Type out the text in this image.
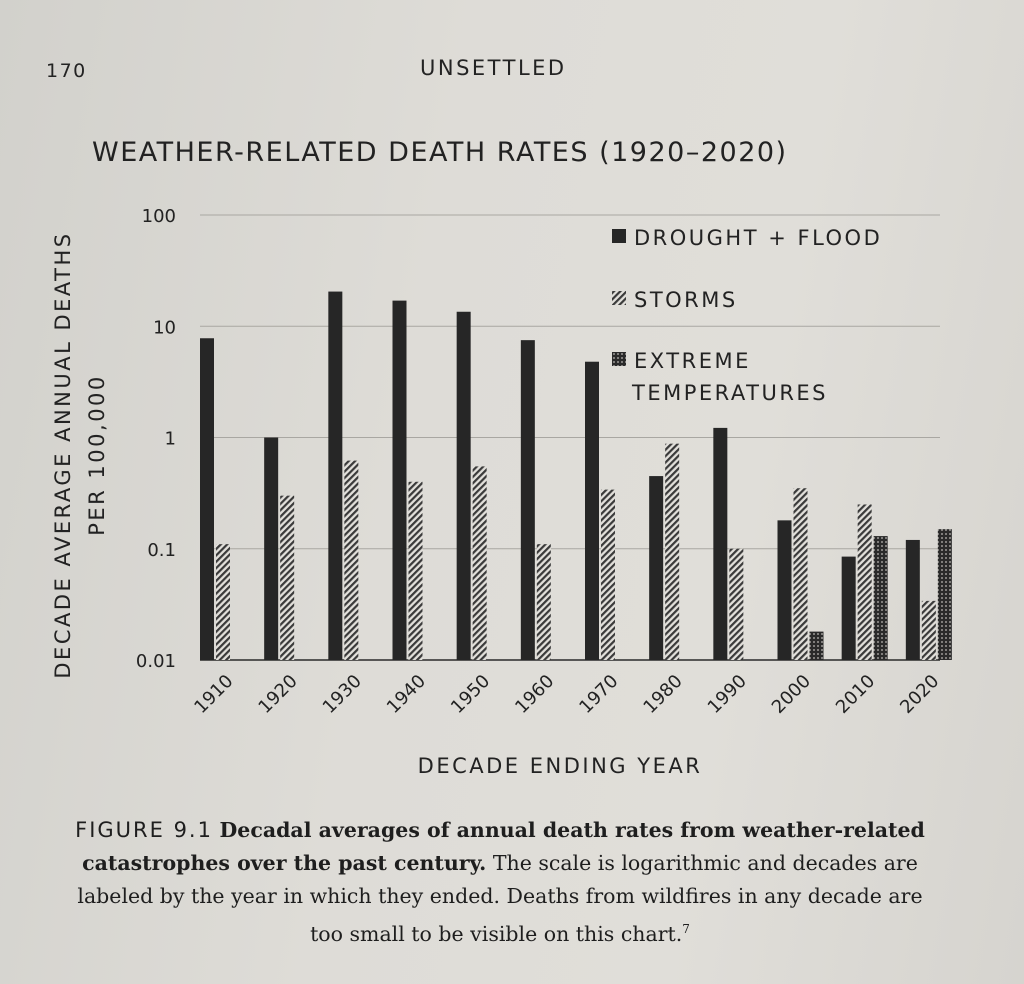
170	UNSETTLED
WEATHER-RELATED DEATH RATES (1920–2020)
100
10
1
0.1
0.01
DECADE AVERAGE ANNUAL DEATHS PER 100,000
1910 1920 1930 1940 1950 1960 1970 1980 1990 2000 2010 2020
DECADE ENDING YEAR
DROUGHT + FLOOD
STORMS
EXTREME
TEMPERATURES
FIGURE 9.1 Decadal averages of annual death rates from weather-related catastrophes over the past century. The scale is logarithmic and decades are labeled by the year in which they ended. Deaths from wildfires in any decade are too small to be visible on this chart.$^7$
